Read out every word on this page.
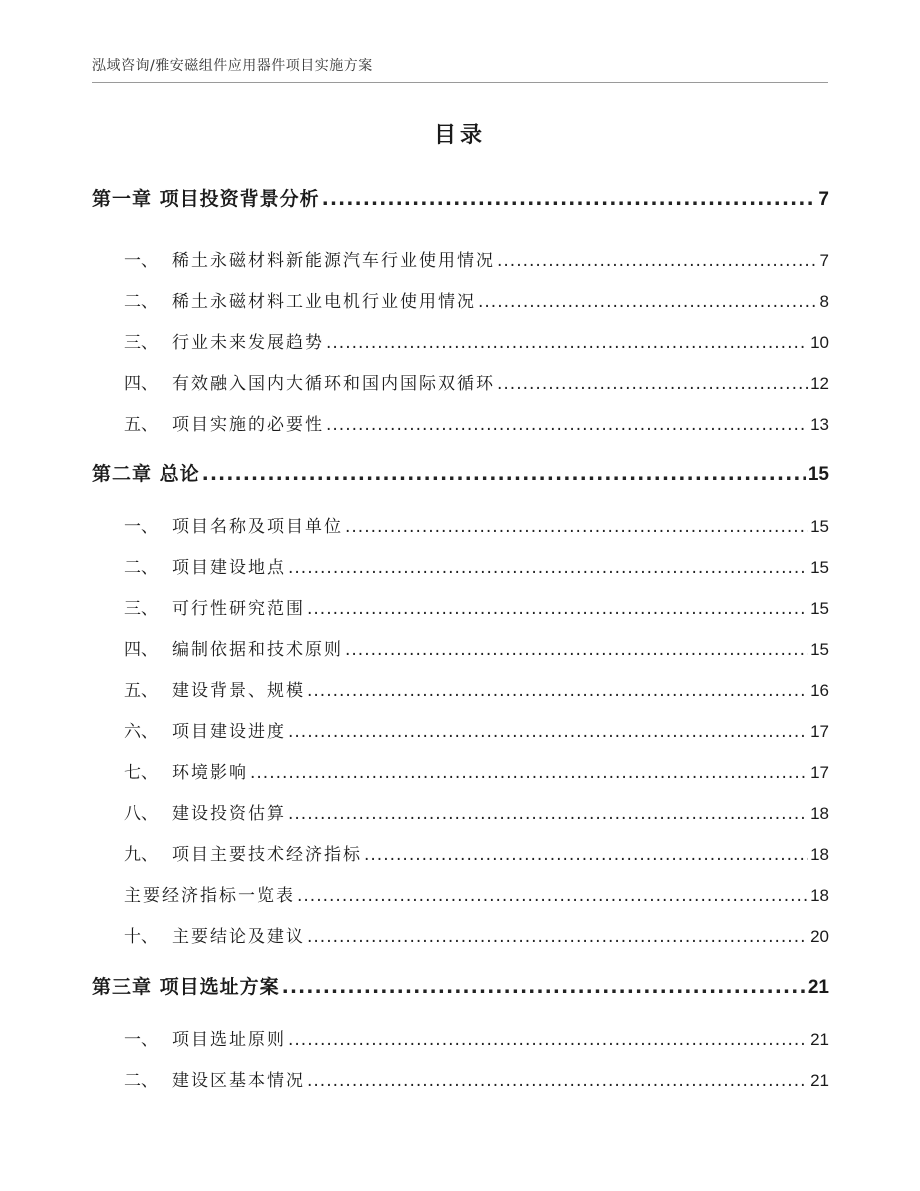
泓域咨询/雅安磁组件应用器件项目实施方案
目录
第一章 项目投资背景分析 .....	7
一、 稀土永磁材料新能源汽车行业使用情况 .....	7
二、 稀土永磁材料工业电机行业使用情况 .....	8
三、 行业未来发展趋势 .....	10
四、 有效融入国内大循环和国内国际双循环 .....	12
五、 项目实施的必要性 .....	13
第二章 总论 .....	15
一、 项目名称及项目单位 .....	15
二、 项目建设地点 .....	15
三、 可行性研究范围 .....	15
四、 编制依据和技术原则 .....	15
五、 建设背景、规模 .....	16
六、 项目建设进度 .....	17
七、 环境影响 .....	17
八、 建设投资估算 .....	18
九、 项目主要技术经济指标 .....	18
主要经济指标一览表 .....	18
十、 主要结论及建议 .....	20
第三章 项目选址方案 .....	21
一、 项目选址原则 .....	21
二、 建设区基本情况 .....	21
